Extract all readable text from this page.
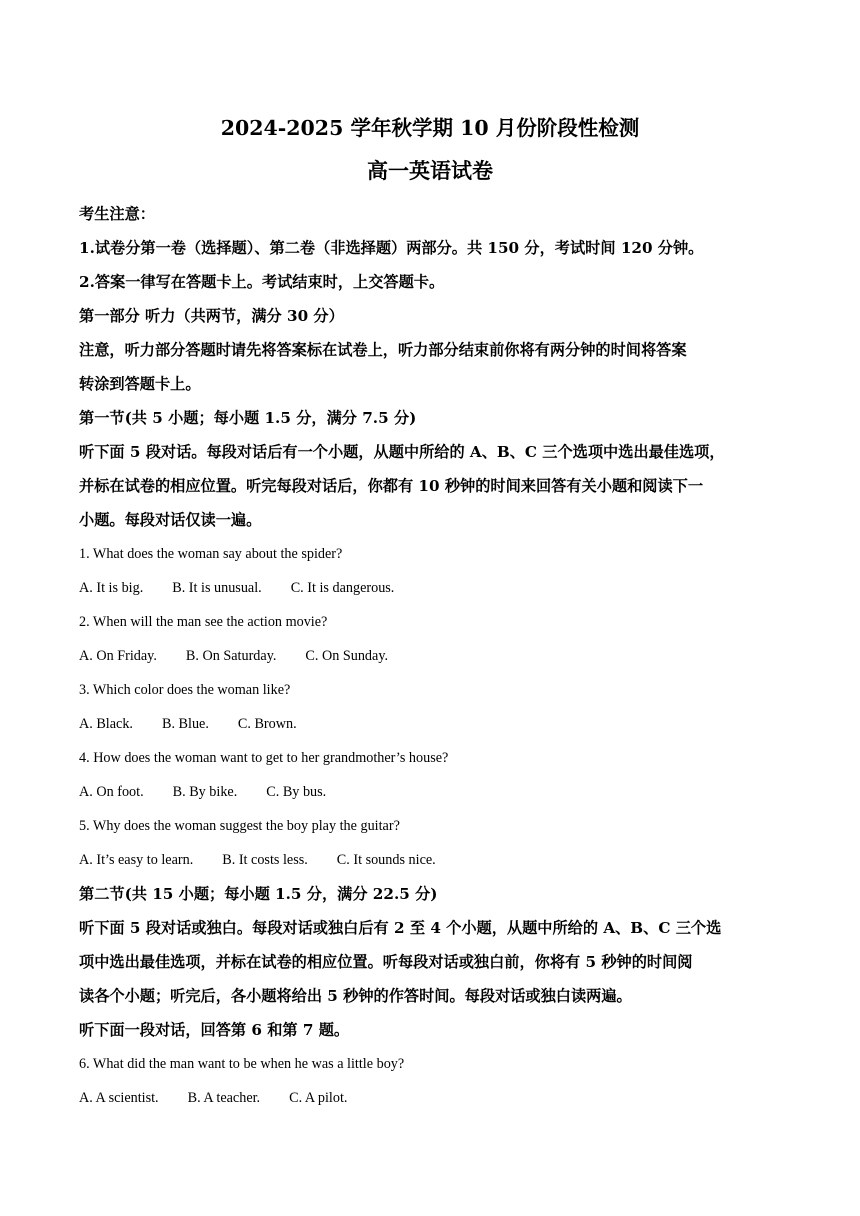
2024-2025 学年秋学期 10 月份阶段性检测
高一英语试卷
考生注意：
1.试卷分第一卷（选择题）、第二卷（非选择题）两部分。共 150 分，考试时间 120 分钟。
2.答案一律写在答题卡上。考试结束时，上交答题卡。
第一部分 听力（共两节，满分 30 分）
注意，听力部分答题时请先将答案标在试卷上，听力部分结束前你将有两分钟的时间将答案
转涂到答题卡上。
第一节(共 5 小题；每小题 1.5 分，满分 7.5 分)
听下面 5 段对话。每段对话后有一个小题，从题中所给的 A、B、C 三个选项中选出最佳选项，
并标在试卷的相应位置。听完每段对话后，你都有 10 秒钟的时间来回答有关小题和阅读下一
小题。每段对话仅读一遍。
1. What does the woman say about the spider?
A. It is big. B. It is unusual. C. It is dangerous.
2. When will the man see the action movie?
A. On Friday. B. On Saturday. C. On Sunday.
3. Which color does the woman like?
A. Black. B. Blue. C. Brown.
4. How does the woman want to get to her grandmother’s house?
A. On foot. B. By bike. C. By bus.
5. Why does the woman suggest the boy play the guitar?
A. It’s easy to learn. B. It costs less. C. It sounds nice.
第二节(共 15 小题；每小题 1.5 分，满分 22.5 分)
听下面 5 段对话或独白。每段对话或独白后有 2 至 4 个小题，从题中所给的 A、B、C 三个选
项中选出最佳选项，并标在试卷的相应位置。听每段对话或独白前，你将有 5 秒钟的时间阅
读各个小题；听完后，各小题将给出 5 秒钟的作答时间。每段对话或独白读两遍。
听下面一段对话，回答第 6 和第 7 题。
6. What did the man want to be when he was a little boy?
A. A scientist. B. A teacher. C. A pilot.
